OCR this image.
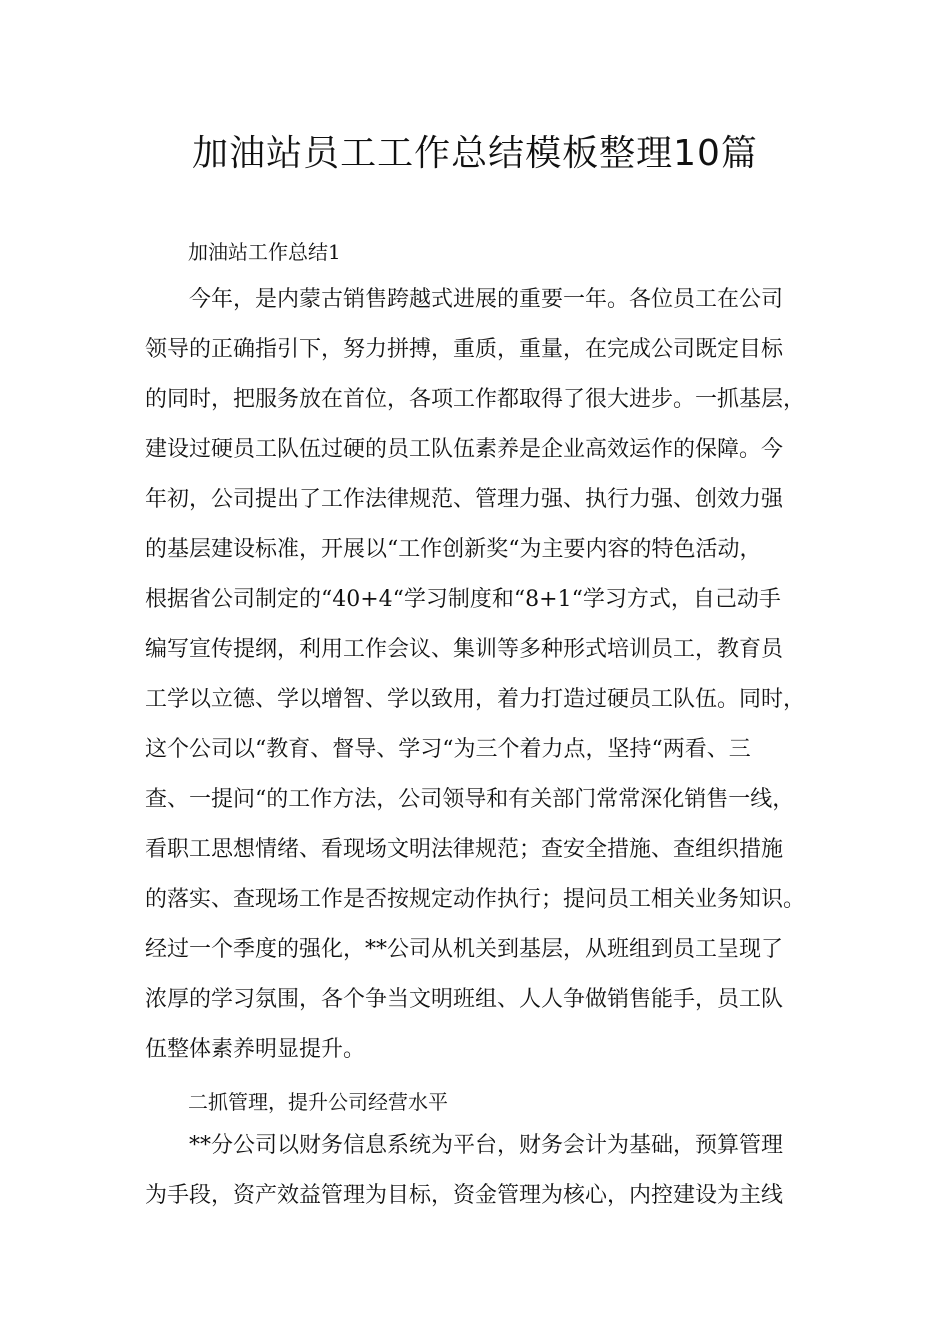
加油站员工工作总结模板整理10篇

加油站工作总结1

今年，是内蒙古销售跨越式进展的重要一年。各位员工在公司
领导的正确指引下，努力拼搏，重质，重量，在完成公司既定目标
的同时，把服务放在首位，各项工作都取得了很大进步。一抓基层，
建设过硬员工队伍过硬的员工队伍素养是企业高效运作的保障。今
年初，公司提出了工作法律规范、管理力强、执行力强、创效力强
的基层建设标准，开展以“工作创新奖“为主要内容的特色活动，
根据省公司制定的“40+4“学习制度和“8+1“学习方式，自己动手
编写宣传提纲，利用工作会议、集训等多种形式培训员工，教育员
工学以立德、学以增智、学以致用，着力打造过硬员工队伍。同时，
这个公司以“教育、督导、学习“为三个着力点，坚持“两看、三
查、一提问“的工作方法，公司领导和有关部门常常深化销售一线，
看职工思想情绪、看现场文明法律规范；查安全措施、查组织措施
的落实、查现场工作是否按规定动作执行；提问员工相关业务知识。
经过一个季度的强化，**公司从机关到基层，从班组到员工呈现了
浓厚的学习氛围，各个争当文明班组、人人争做销售能手，员工队
伍整体素养明显提升。

二抓管理，提升公司经营水平

**分公司以财务信息系统为平台，财务会计为基础，预算管理
为手段，资产效益管理为目标，资金管理为核心，内控建设为主线
